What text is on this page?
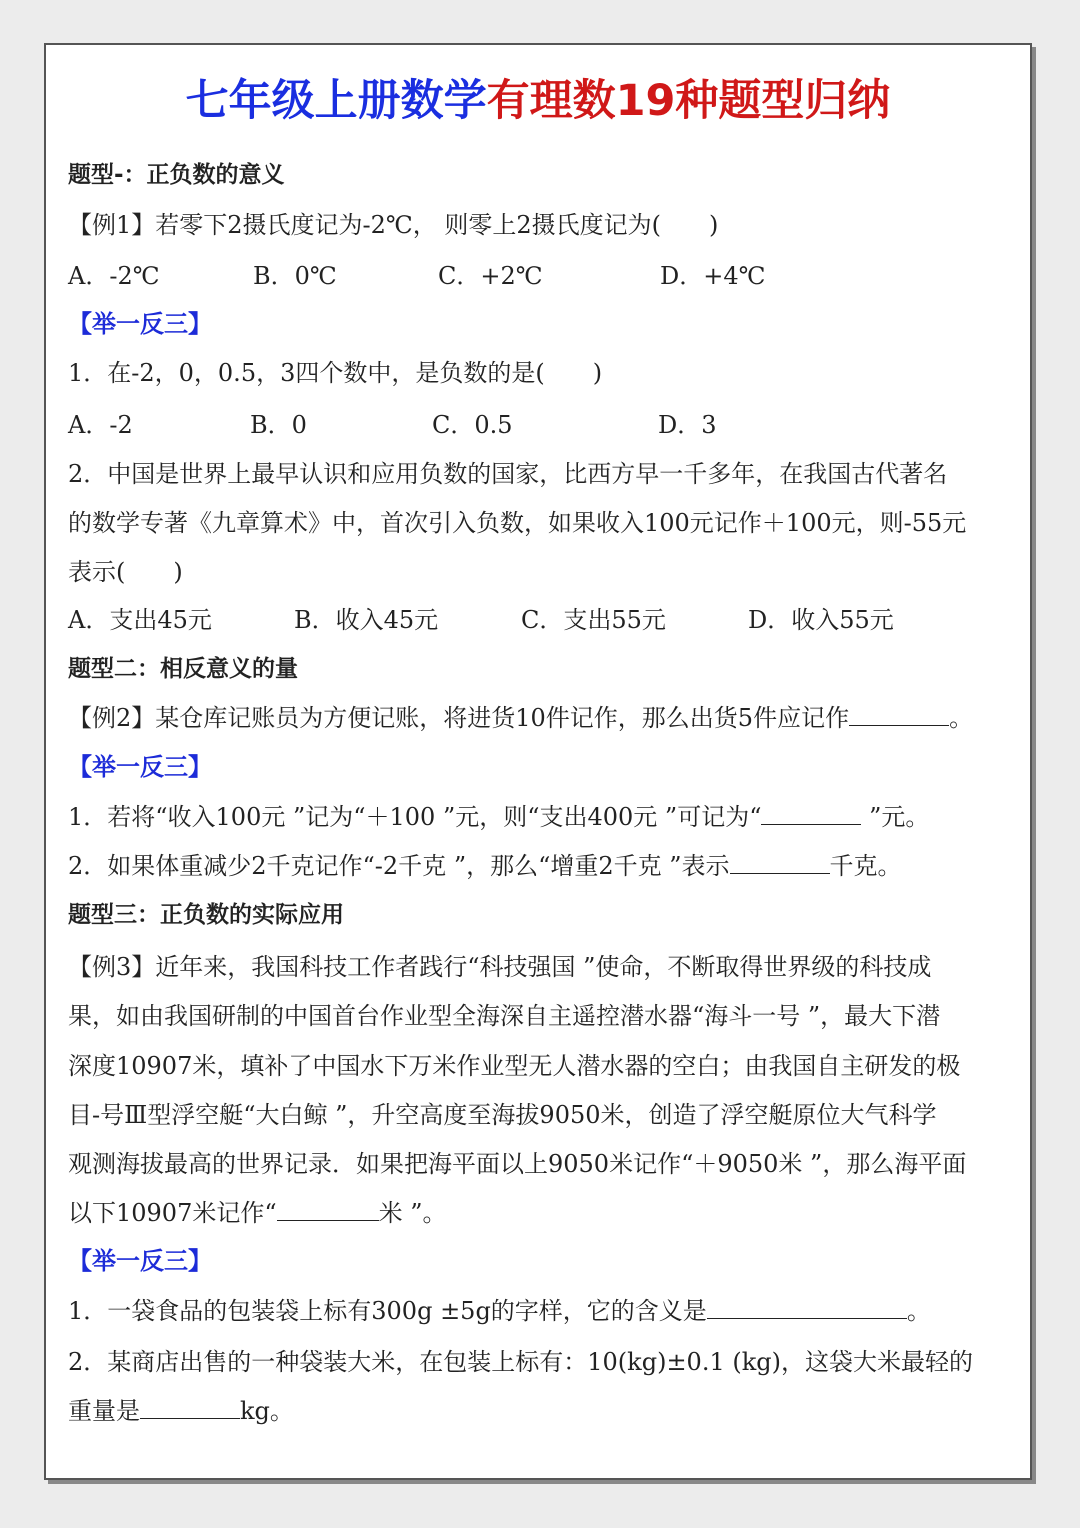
七年级上册数学有理数19种题型归纳
题型-：正负数的意义
【例1】若零下2摄氏度记为-2℃， 则零上2摄氏度记为(　　)
A．-2℃	B．0℃	C．+2℃	D．+4℃
【举一反三】
1．在-2，0，0.5，3四个数中，是负数的是(　　)
A．-2	B．0	C．0.5	D．3
2．中国是世界上最早认识和应用负数的国家，比西方早一千多年，在我国古代著名
的数学专著《九章算术》中，首次引入负数，如果收入100元记作＋100元，则-55元
表示(　　)
A．支出45元	B．收入45元	C．支出55元	D．收入55元
题型二：相反意义的量
【例2】某仓库记账员为方便记账，将进货10件记作，那么出货5件应记作	。
【举一反三】
1．若将“收入100元 ”记为“＋100 ”元，则“支出400元 ”可记为“	”元。
2．如果体重减少2千克记作“-2千克 ”，那么“增重2千克 ”表示	千克。
题型三：正负数的实际应用
【例3】近年来，我国科技工作者践行“科技强国 ”使命，不断取得世界级的科技成
果，如由我国研制的中国首台作业型全海深自主遥控潜水器“海斗一号 ”，最大下潜
深度10907米，填补了中国水下万米作业型无人潜水器的空白；由我国自主研发的极
目-号Ⅲ型浮空艇“大白鲸 ”，升空高度至海拔9050米，创造了浮空艇原位大气科学
观测海拔最高的世界记录．如果把海平面以上9050米记作“＋9050米 ”，那么海平面
以下10907米记作“	米 ”。
【举一反三】
1．一袋食品的包装袋上标有300g ±5g的字样，它的含义是	。
2．某商店出售的一种袋装大米，在包装上标有：10(kg)±0.1 (kg)，这袋大米最轻的
重量是	kg。
